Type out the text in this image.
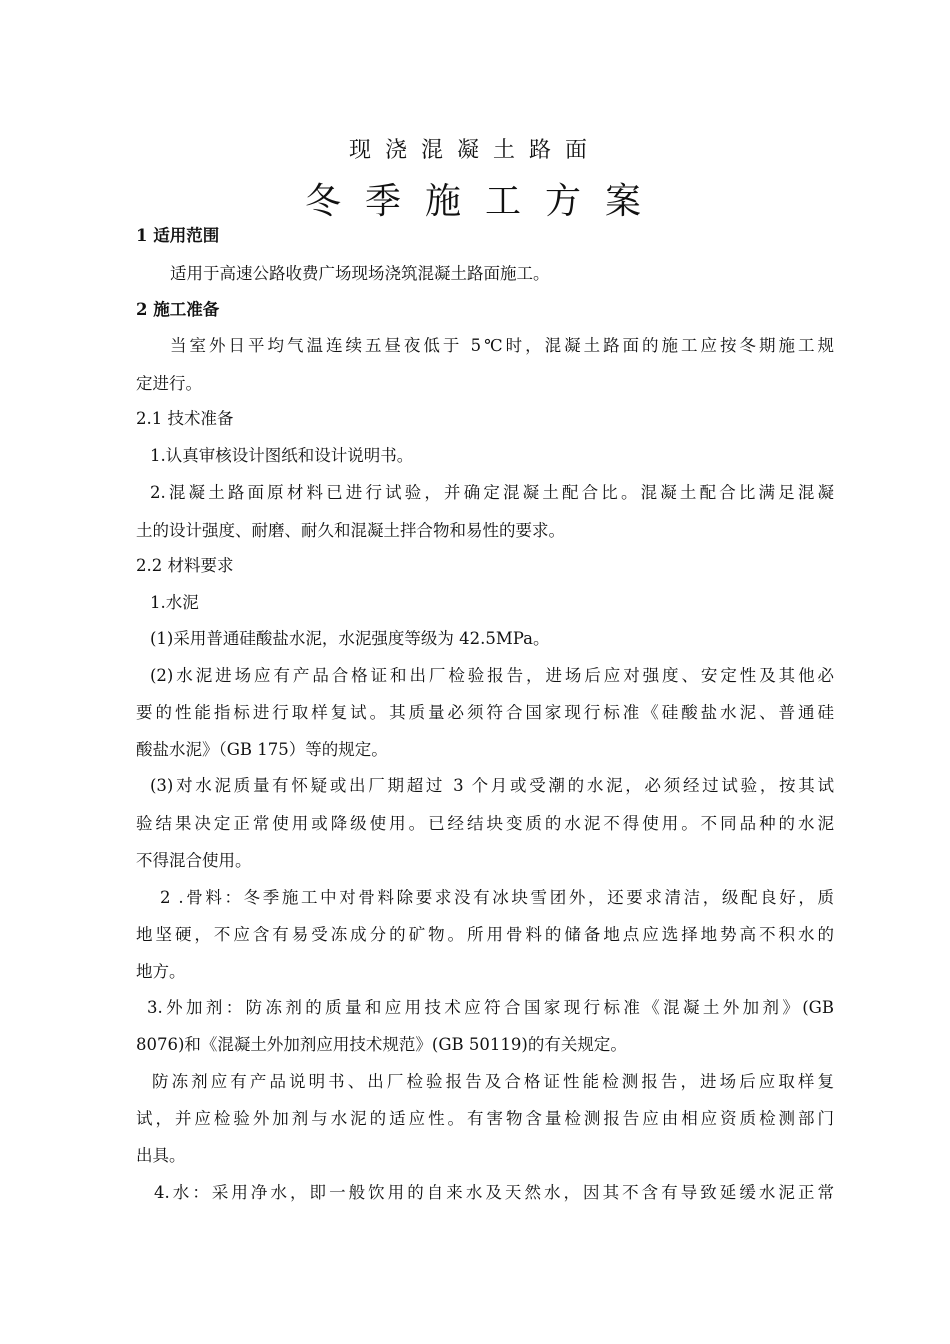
现浇混凝土路面
冬季施工方案
1 适用范围
适用于高速公路收费广场现场浇筑混凝土路面施工。
2 施工准备
当室外日平均气温连续五昼夜低于 5℃时，混凝土路面的施工应按冬期施工规
定进行。
2.1 技术准备
1.认真审核设计图纸和设计说明书。
2.混凝土路面原材料已进行试验，并确定混凝土配合比。混凝土配合比满足混凝
土的设计强度、耐磨、耐久和混凝土拌合物和易性的要求。
2.2 材料要求
1.水泥
(1)采用普通硅酸盐水泥，水泥强度等级为 42.5MPa。
(2)水泥进场应有产品合格证和出厂检验报告，进场后应对强度、安定性及其他必
要的性能指标进行取样复试。其质量必须符合国家现行标准《硅酸盐水泥、普通硅
酸盐水泥》（GB 175）等的规定。
(3)对水泥质量有怀疑或出厂期超过 3 个月或受潮的水泥，必须经过试验，按其试
验结果决定正常使用或降级使用。已经结块变质的水泥不得使用。不同品种的水泥
不得混合使用。
2 .骨料：冬季施工中对骨料除要求没有冰块雪团外，还要求清洁，级配良好，质
地坚硬，不应含有易受冻成分的矿物。所用骨料的储备地点应选择地势高不积水的
地方。
3.外加剂：防冻剂的质量和应用技术应符合国家现行标准《混凝土外加剂》(GB
8076)和《混凝土外加剂应用技术规范》(GB 50119)的有关规定。
防冻剂应有产品说明书、出厂检验报告及合格证性能检测报告，进场后应取样复
试，并应检验外加剂与水泥的适应性。有害物含量检测报告应由相应资质检测部门
出具。
4.水：采用净水，即一般饮用的自来水及天然水，因其不含有导致延缓水泥正常
